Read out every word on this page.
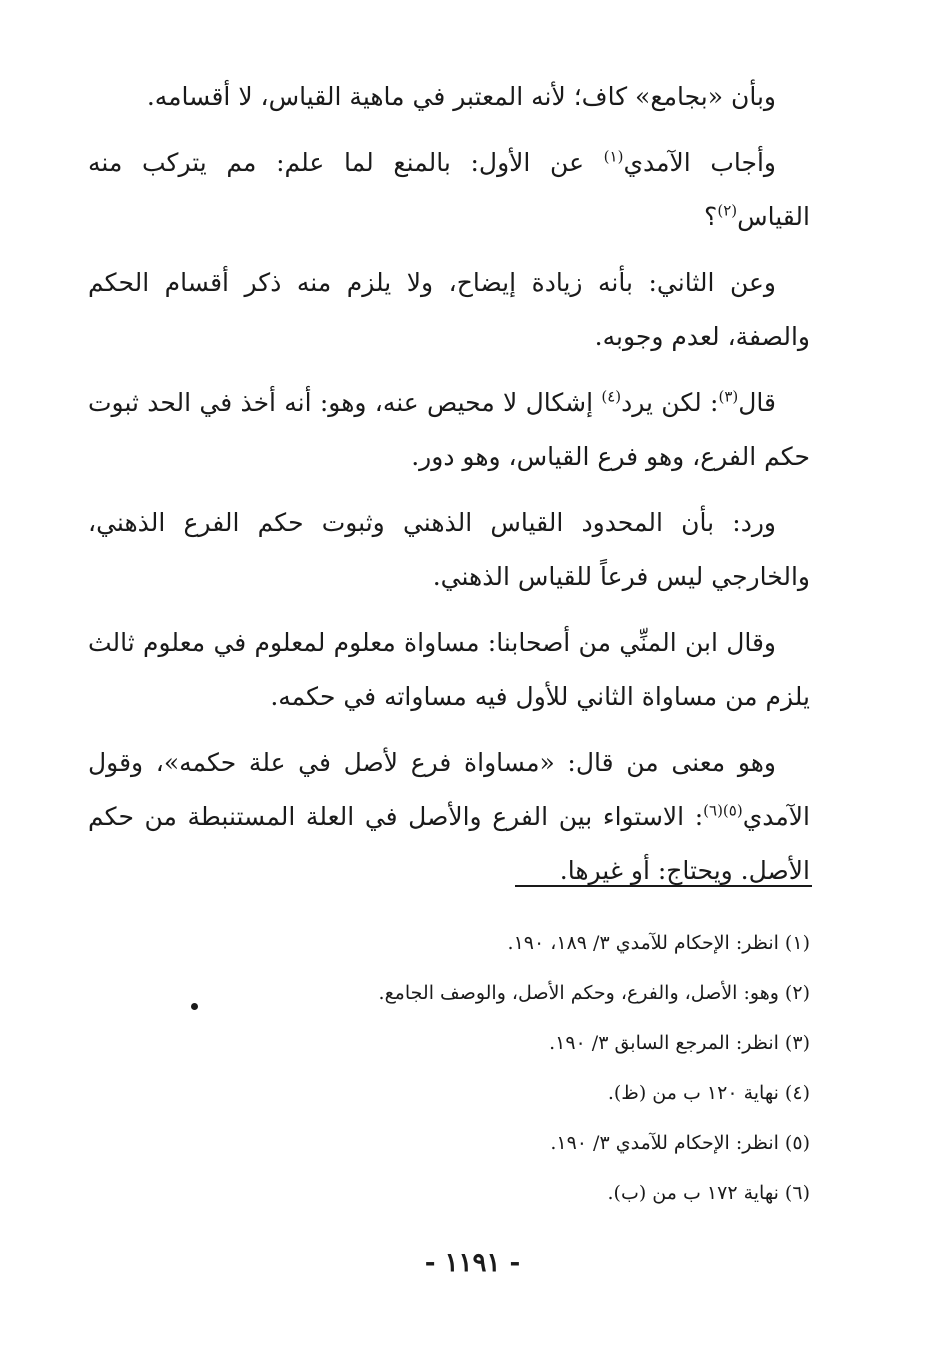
وبأن «بجامع» كاف؛ لأنه المعتبر في ماهية القياس، لا أقسامه.

وأجاب الآمدي$^{(١)}$ عن الأول: بالمنع لما علم: مم يتركب منه القياس$^{(٢)}$؟

وعن الثاني: بأنه زيادة إيضاح، ولا يلزم منه ذكر أقسام الحكم والصفة، لعدم وجوبه.

قال$^{(٣)}$: لكن يرد$^{(٤)}$ إشكال لا محيص عنه، وهو: أنه أخذ في الحد ثبوت حكم الفرع، وهو فرع القياس، وهو دور.

ورد: بأن المحدود القياس الذهني وثبوت حكم الفرع الذهني، والخارجي ليس فرعاً للقياس الذهني.

وقال ابن المنِّي من أصحابنا: مساواة معلوم لمعلوم في معلوم ثالث يلزم من مساواة الثاني للأول فيه مساواته في حكمه.

وهو معنى من قال: «مساواة فرع لأصل في علة حكمه»، وقول الآمدي$^{(٥)(٦)}$: الاستواء بين الفرع والأصل في العلة المستنبطة من حكم الأصل. ويحتاج: أو غيرها.

(١) انظر: الإحكام للآمدي ٣/ ١٨٩، ١٩٠.

(٢) وهو: الأصل، والفرع، وحكم الأصل، والوصف الجامع.

(٣) انظر: المرجع السابق ٣/ ١٩٠.

(٤) نهاية ١٢٠ ب من (ظ).

(٥) انظر: الإحكام للآمدي ٣/ ١٩٠.

(٦) نهاية ١٧٢ ب من (ب).

- ١١٩١ -
